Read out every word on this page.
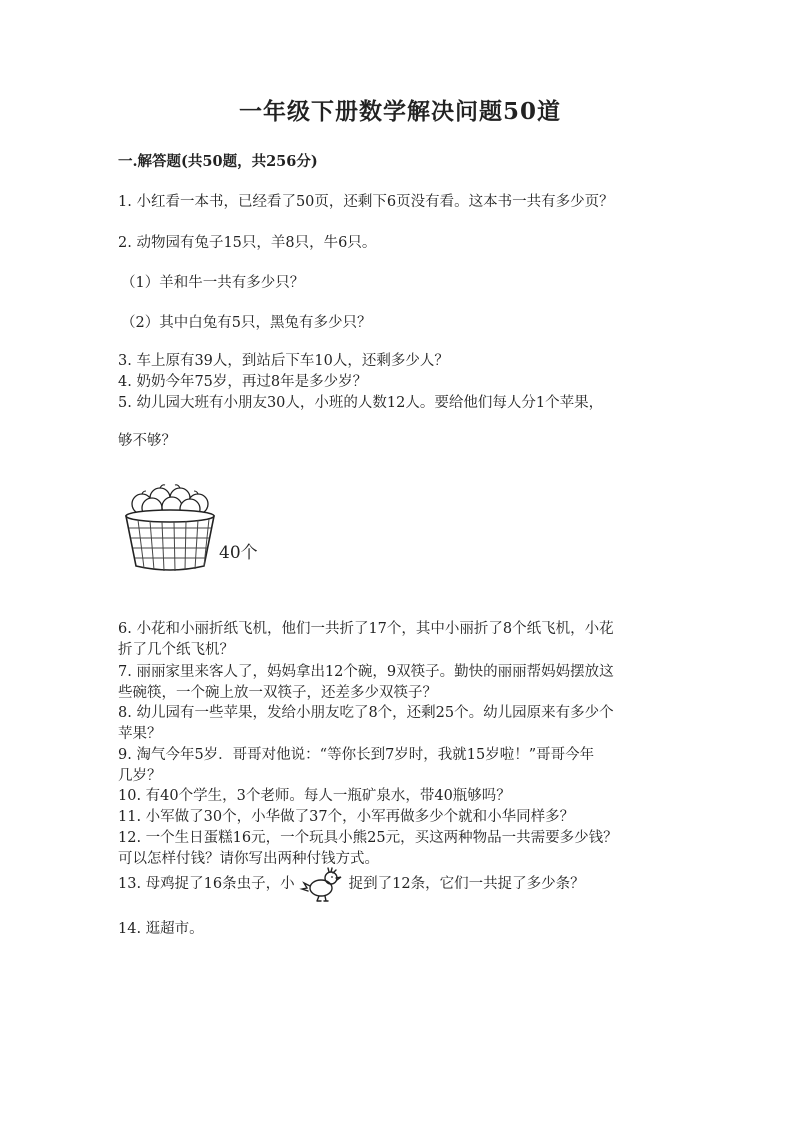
一年级下册数学解决问题50道
一.解答题(共50题，共256分)
1. 小红看一本书，已经看了50页，还剩下6页没有看。这本书一共有多少页？
2. 动物园有兔子15只，羊8只，牛6只。
（1）羊和牛一共有多少只？
（2）其中白兔有5只，黑兔有多少只？
3. 车上原有39人，到站后下车10人，还剩多少人？
4. 奶奶今年75岁，再过8年是多少岁？
5. 幼儿园大班有小朋友30人，小班的人数12人。要给他们每人分1个苹果，
够不够？
40个
6. 小花和小丽折纸飞机，他们一共折了17个，其中小丽折了8个纸飞机，小花
折了几个纸飞机？
7. 丽丽家里来客人了，妈妈拿出12个碗，9双筷子。勤快的丽丽帮妈妈摆放这
些碗筷，一个碗上放一双筷子，还差多少双筷子？
8. 幼儿园有一些苹果，发给小朋友吃了8个，还剩25个。幼儿园原来有多少个
苹果？
9. 淘气今年5岁．哥哥对他说：“等你长到7岁时，我就15岁啦！”哥哥今年
几岁？
10. 有40个学生，3个老师。每人一瓶矿泉水，带40瓶够吗？
11. 小军做了30个，小华做了37个，小军再做多少个就和小华同样多？
12. 一个生日蛋糕16元，一个玩具小熊25元，买这两种物品一共需要多少钱？
可以怎样付钱？请你写出两种付钱方式。
13. 母鸡捉了16条虫子，小	捉到了12条，它们一共捉了多少条？
14. 逛超市。
